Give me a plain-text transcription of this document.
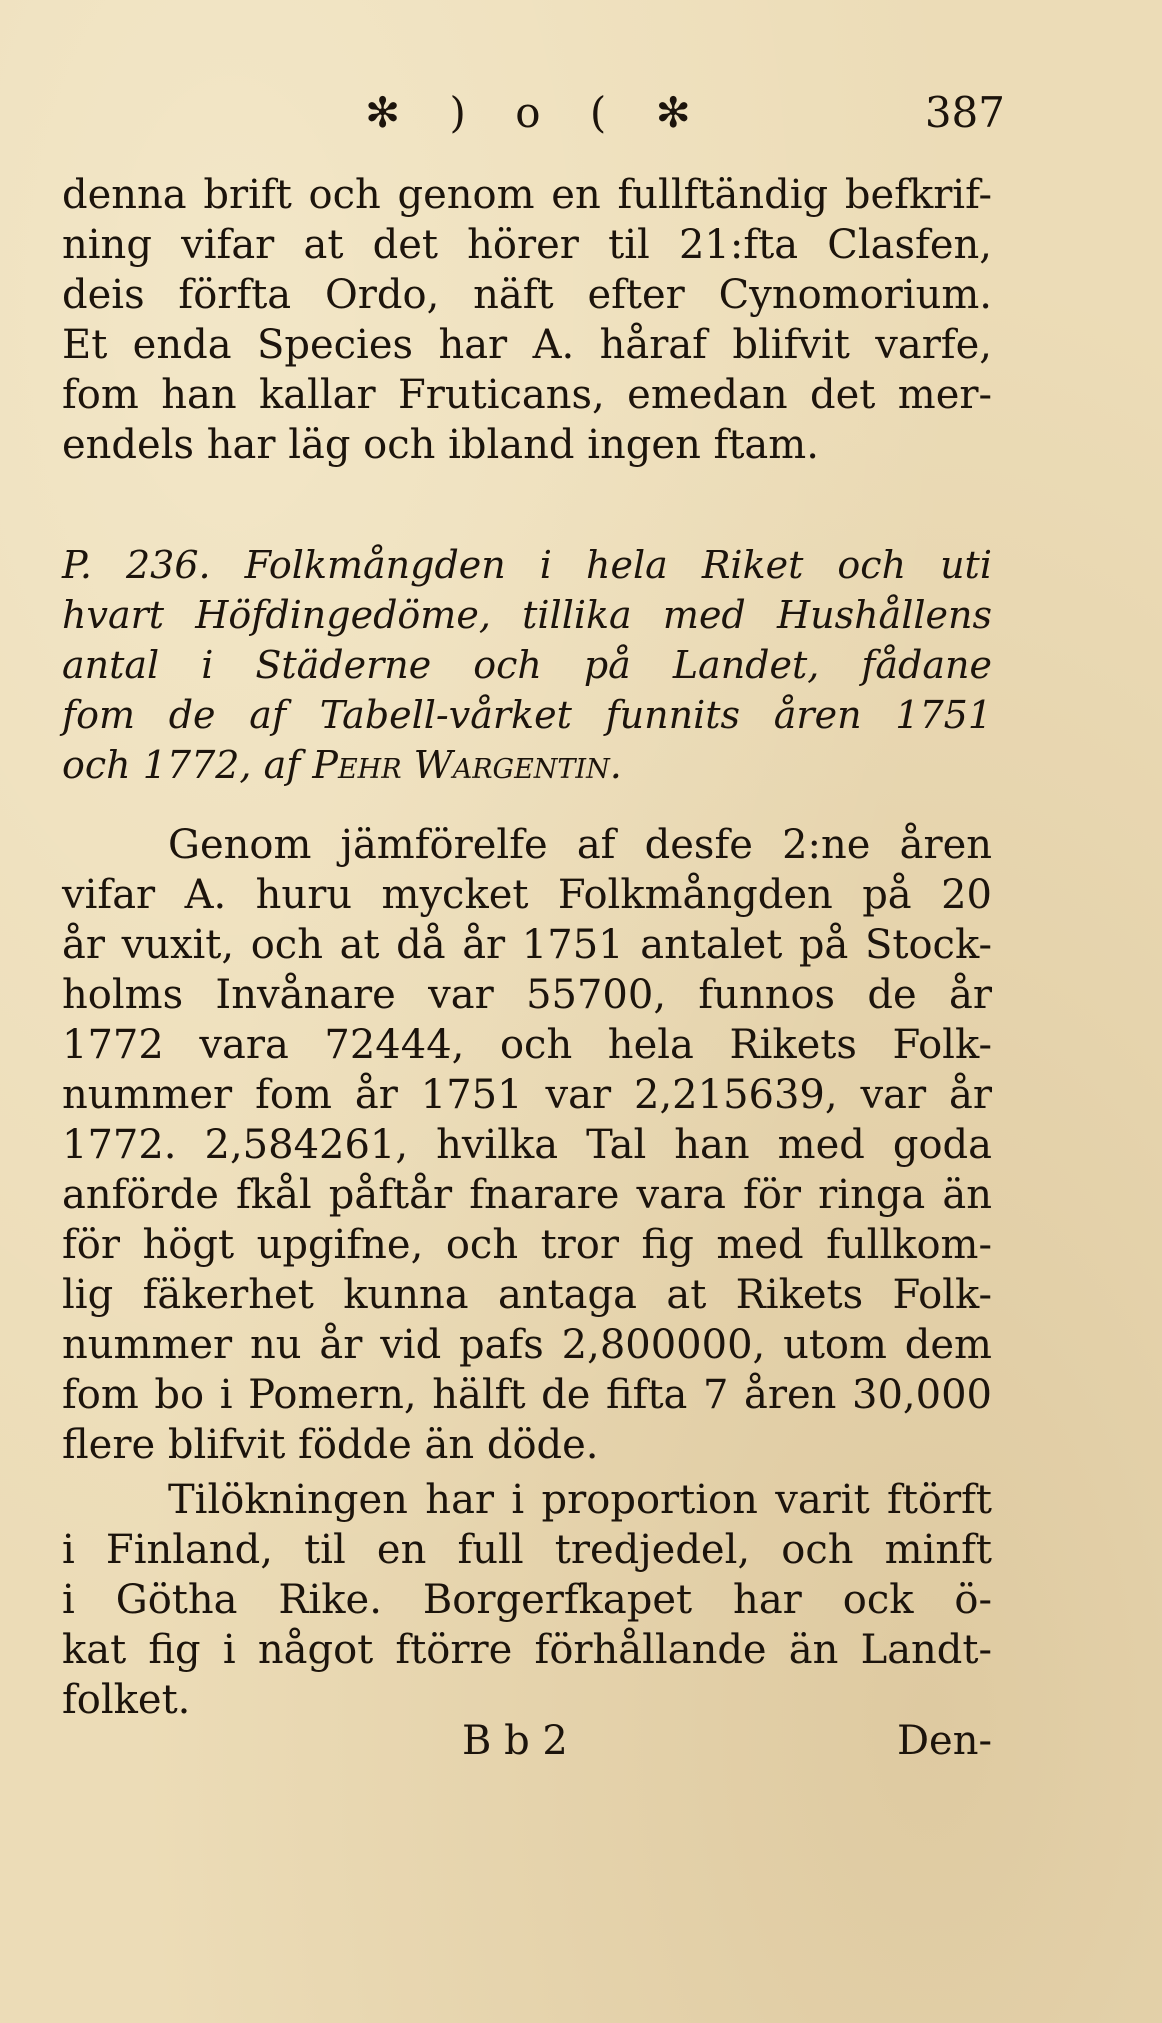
✻ ) o ( ✻	387
denna brift och genom en fullftändig befkrif-
ning vifar at det hörer til 21:fta Clasfen,
deis förfta Ordo, näft efter Cynomorium.
Et enda Species har A. håraf blifvit varfe,
fom han kallar Fruticans, emedan det mer-
endels har läg och ibland ingen ftam.
P. 236. Folkmångden i hela Riket och uti
hvart Höfdingedöme, tillika med Hushållens
antal i Städerne och på Landet, fådane
fom de af Tabell-vårket funnits åren 1751
och 1772, af Pehr Wargentin.
Genom jämförelfe af desfe 2:ne åren
vifar A. huru mycket Folkmångden på 20
år vuxit, och at då år 1751 antalet på Stock-
holms Invånare var 55700, funnos de år
1772 vara 72444, och hela Rikets Folk-
nummer fom år 1751 var 2,215639, var år
1772. 2,584261, hvilka Tal han med goda
anförde fkål påftår fnarare vara för ringa än
för högt upgifne, och tror fig med fullkom-
lig fäkerhet kunna antaga at Rikets Folk-
nummer nu år vid pafs 2,800000, utom dem
fom bo i Pomern, hälft de fifta 7 åren 30,000
flere blifvit födde än döde.
Tilökningen har i proportion varit ftörft
i Finland, til en full tredjedel, och minft
i Götha Rike. Borgerfkapet har ock ö-
kat fig i något ftörre förhållande än Landt-
folket.
B b 2	Den-
